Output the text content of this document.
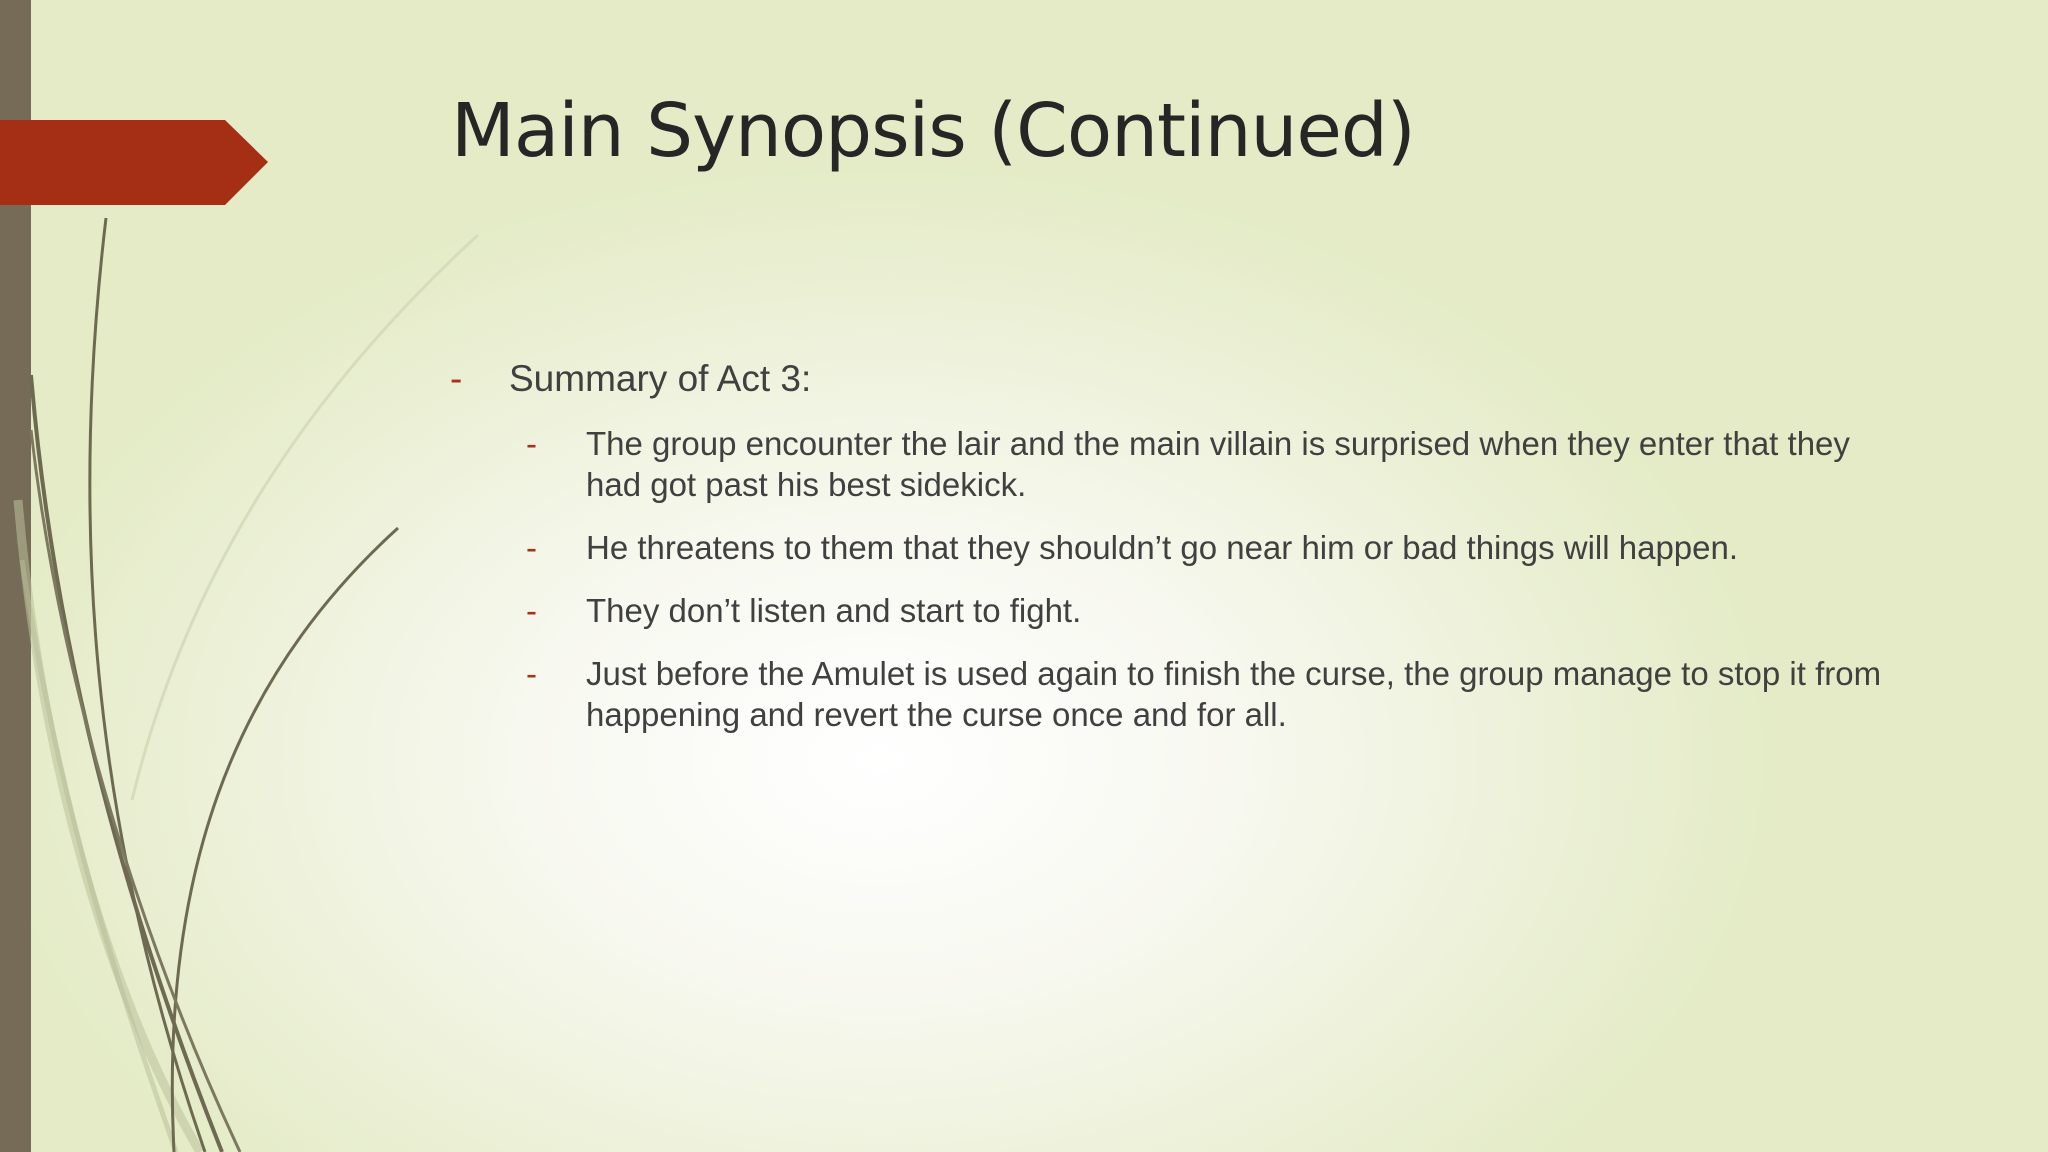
Main Synopsis (Continued)
- Summary of Act 3:
- The group encounter the lair and the main villain is surprised when they enter that they had got past his best sidekick.
- He threatens to them that they shouldn’t go near him or bad things will happen.
- They don’t listen and start to fight.
- Just before the Amulet is used again to finish the curse, the group manage to stop it from happening and revert the curse once and for all.
